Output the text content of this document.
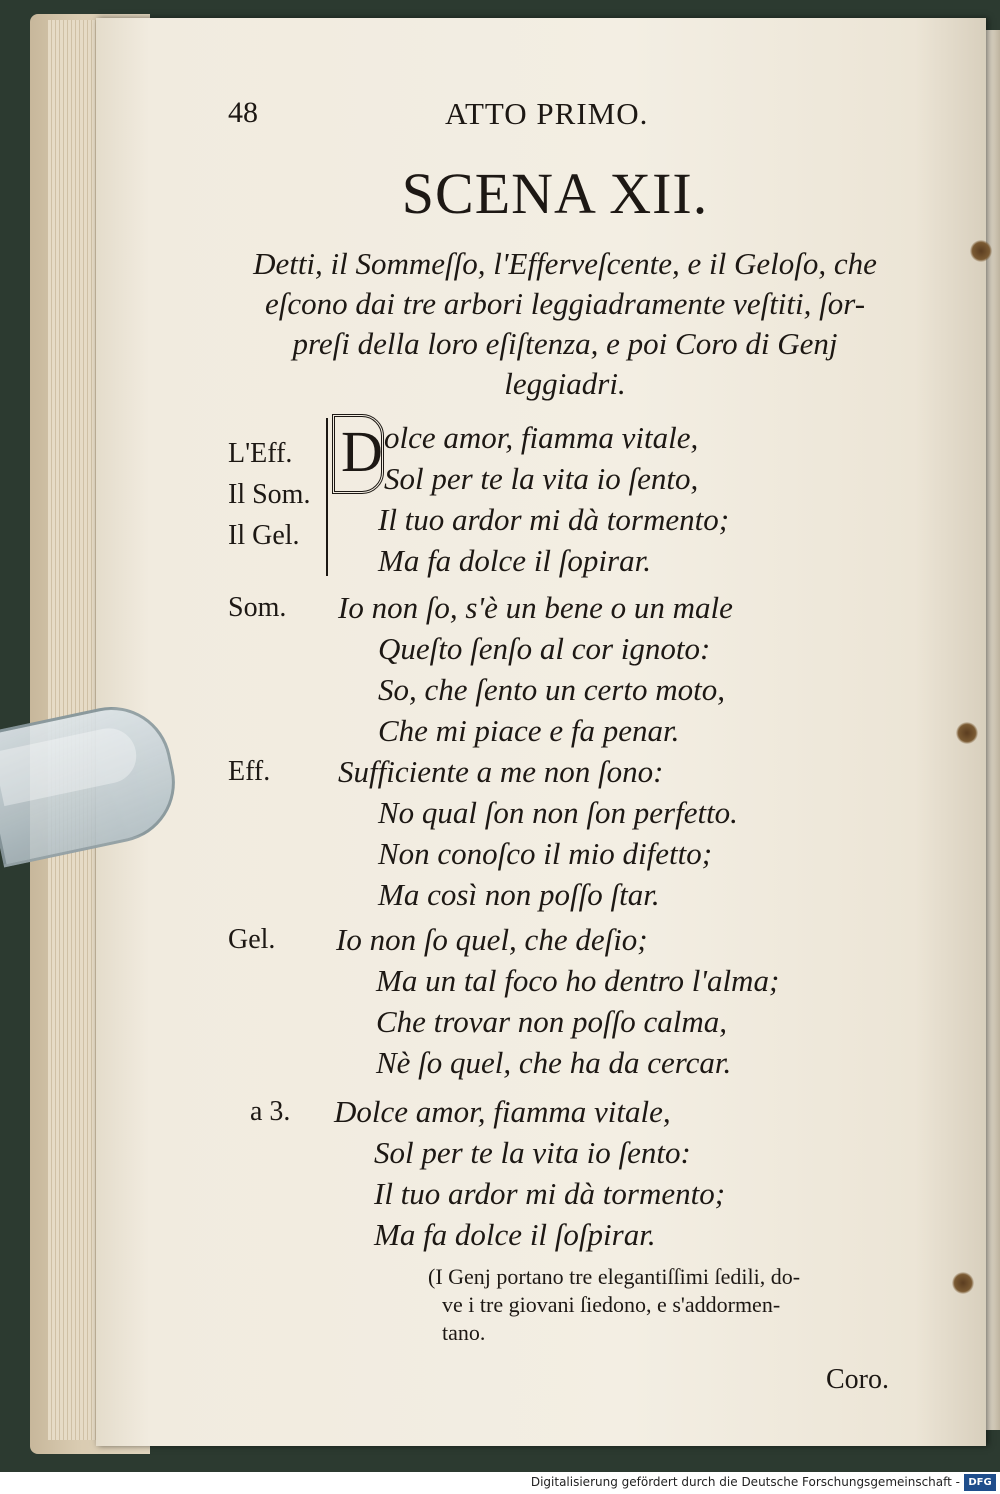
48	ATTO PRIMO.
SCENA XII.
Detti, il Sommeſſo, l'Efferveſcente, e il Geloſo, che
eſcono dai tre arbori leggiadramente veſtiti, ſor-
preſi della loro eſiſtenza, e poi Coro di Genj
leggiadri.
L'Eff.
Il Som.
Il Gel.
D olce amor, fiamma vitale,
Sol per te la vita io ſento,
Il tuo ardor mi dà tormento;
Ma fa dolce il ſopirar.
Som. Io non ſo, s'è un bene o un male
Queſto ſenſo al cor ignoto:
So, che ſento un certo moto,
Che mi piace e fa penar.
Eff. Sufficiente a me non ſono:
No qual ſon non ſon perfetto.
Non conoſco il mio difetto;
Ma così non poſſo ſtar.
Gel. Io non ſo quel, che deſio;
Ma un tal foco ho dentro l'alma;
Che trovar non poſſo calma,
Nè ſo quel, che ha da cercar.
a 3. Dolce amor, fiamma vitale,
Sol per te la vita io ſento:
Il tuo ardor mi dà tormento;
Ma fa dolce il ſoſpirar.
(I Genj portano tre elegantiſſimi ſedili, do-
ve i tre giovani ſiedono, e s'addormen-
tano.
Coro.
Digitalisierung gefördert durch die Deutsche Forschungsgemeinschaft - DFG
